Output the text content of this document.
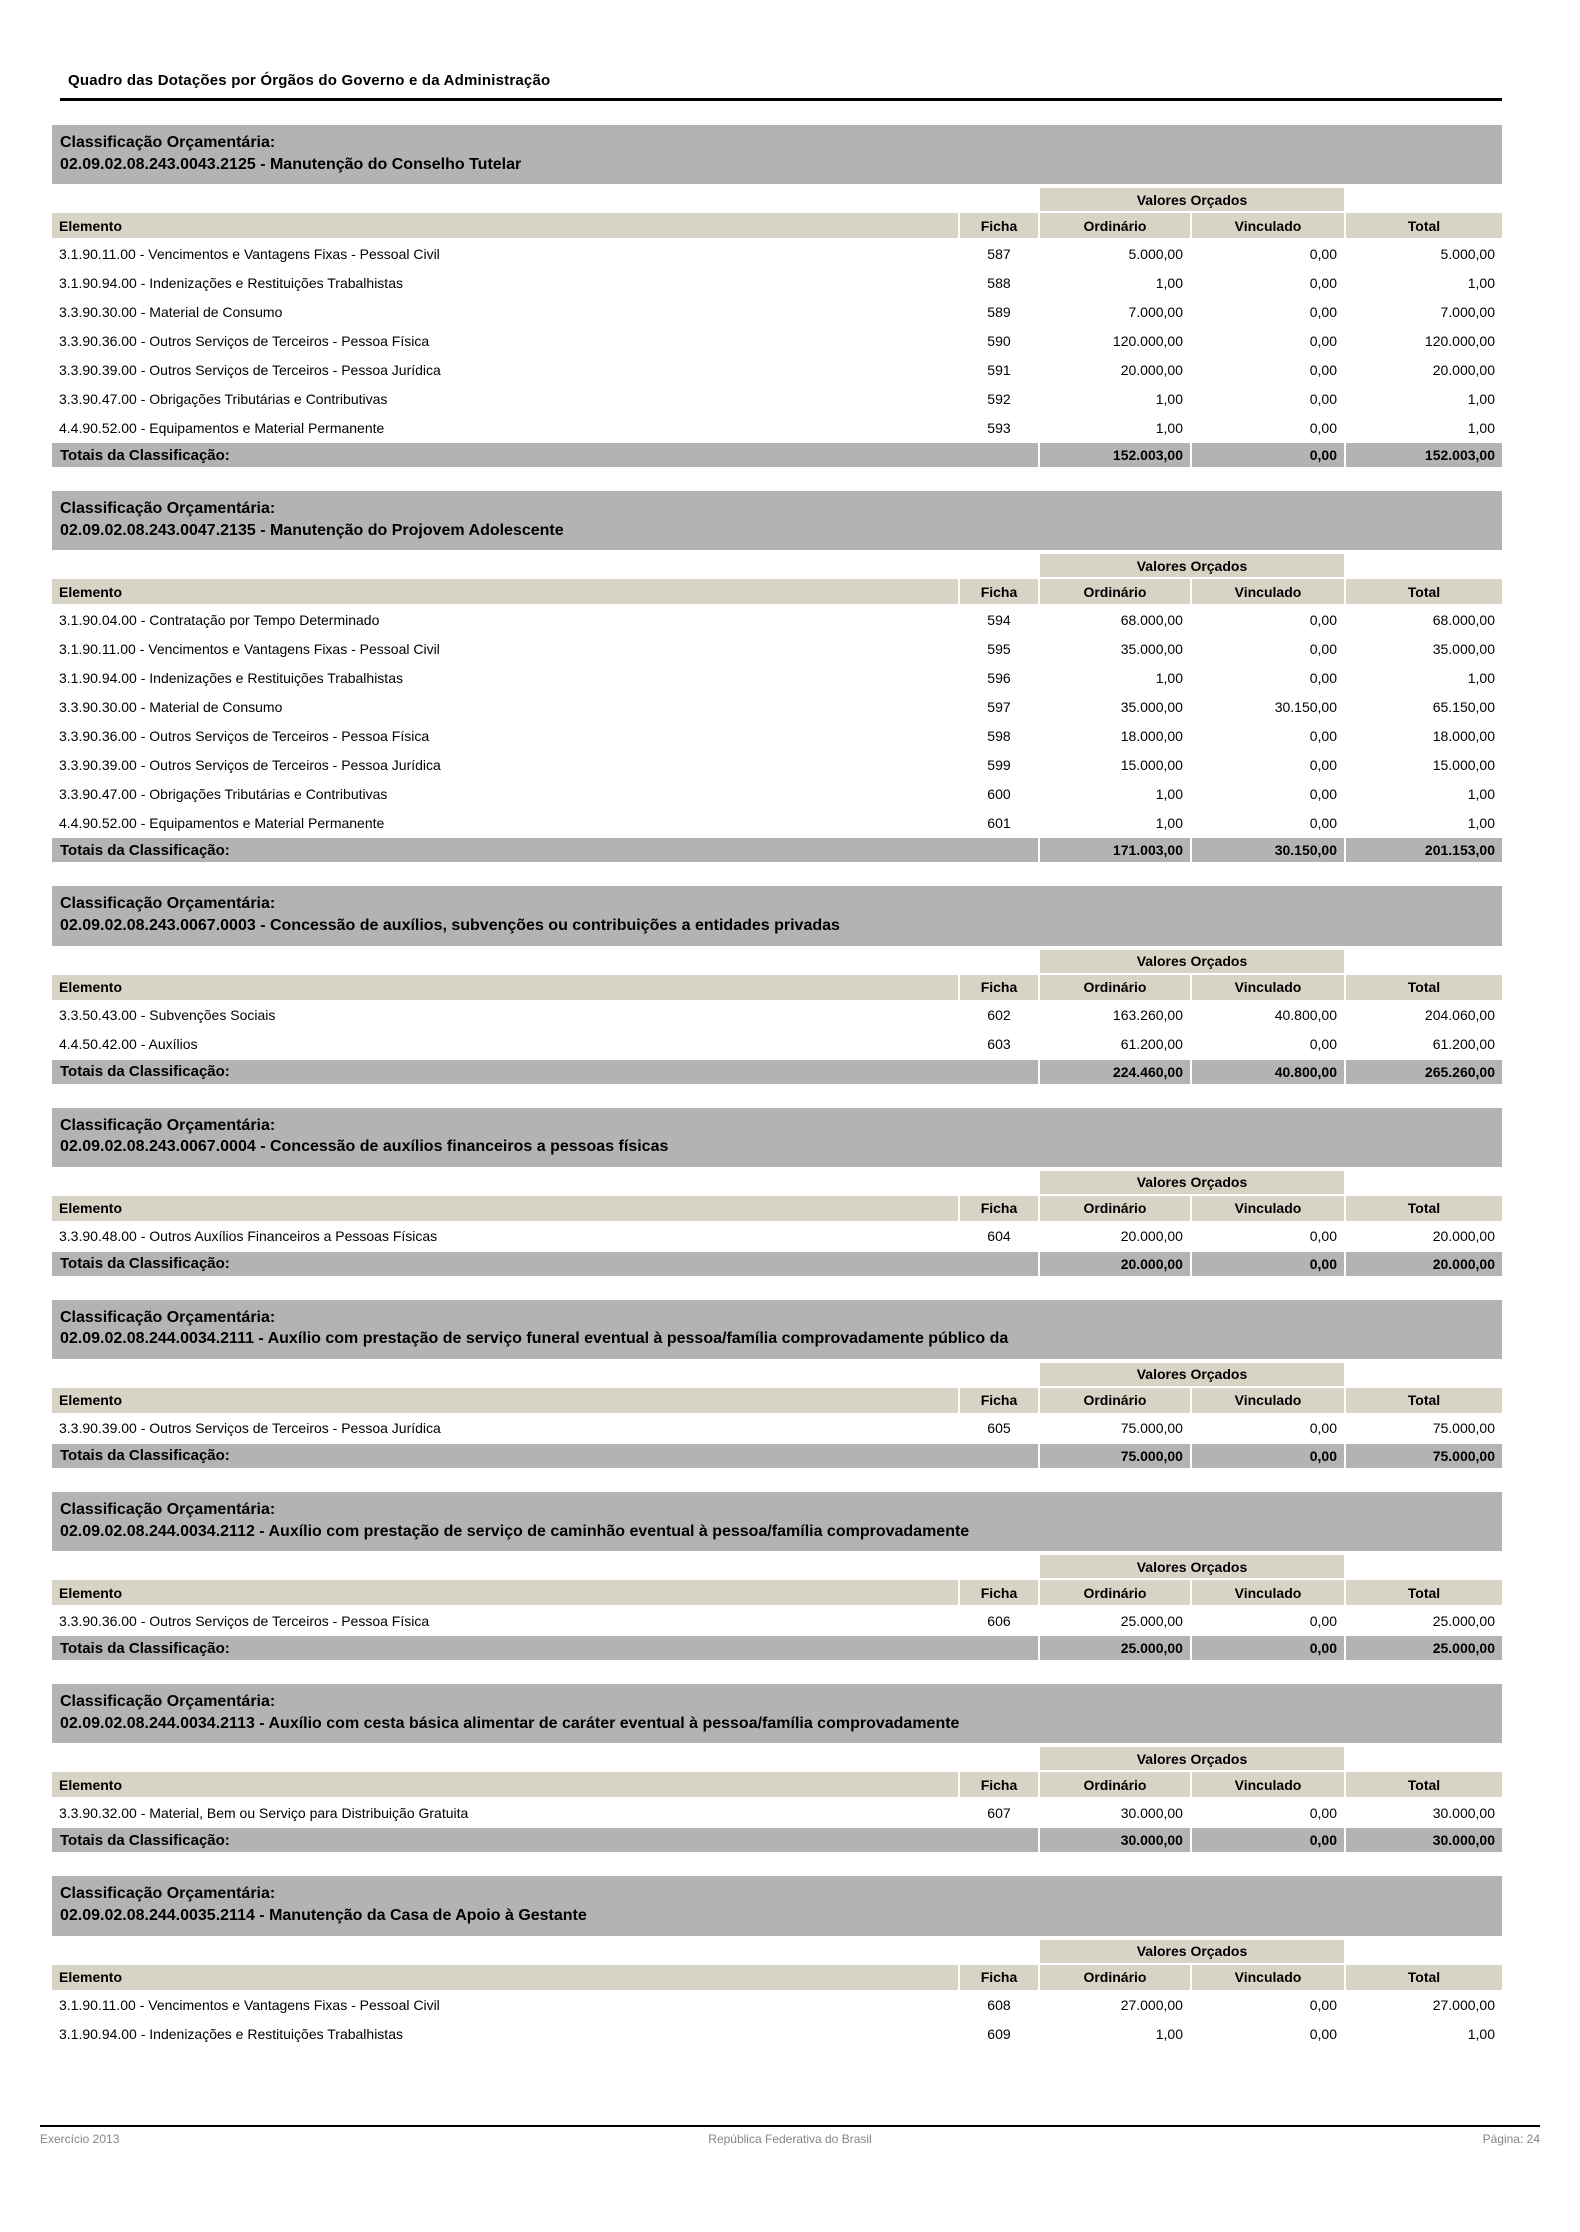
Quadro das Dotações por Órgãos do Governo e da Administração
Classificação Orçamentária:
02.09.02.08.243.0043.2125 - Manutenção do Conselho Tutelar
		Valores Orçados		
Elemento	Ficha	Ordinário	Vinculado	Total
3.1.90.11.00 - Vencimentos e Vantagens Fixas - Pessoal Civil	587	5.000,00	0,00	5.000,00
3.1.90.94.00 - Indenizações e Restituições Trabalhistas	588	1,00	0,00	1,00
3.3.90.30.00 - Material de Consumo	589	7.000,00	0,00	7.000,00
3.3.90.36.00 - Outros Serviços de Terceiros - Pessoa Física	590	120.000,00	0,00	120.000,00
3.3.90.39.00 - Outros Serviços de Terceiros - Pessoa Jurídica	591	20.000,00	0,00	20.000,00
3.3.90.47.00 - Obrigações Tributárias e Contributivas	592	1,00	0,00	1,00
4.4.90.52.00 - Equipamentos e Material Permanente	593	1,00	0,00	1,00
Totais da Classificação:		152.003,00	0,00	152.003,00
Classificação Orçamentária:
02.09.02.08.243.0047.2135 - Manutenção do Projovem Adolescente
		Valores Orçados		
Elemento	Ficha	Ordinário	Vinculado	Total
3.1.90.04.00 - Contratação por Tempo Determinado	594	68.000,00	0,00	68.000,00
3.1.90.11.00 - Vencimentos e Vantagens Fixas - Pessoal Civil	595	35.000,00	0,00	35.000,00
3.1.90.94.00 - Indenizações e Restituições Trabalhistas	596	1,00	0,00	1,00
3.3.90.30.00 - Material de Consumo	597	35.000,00	30.150,00	65.150,00
3.3.90.36.00 - Outros Serviços de Terceiros - Pessoa Física	598	18.000,00	0,00	18.000,00
3.3.90.39.00 - Outros Serviços de Terceiros - Pessoa Jurídica	599	15.000,00	0,00	15.000,00
3.3.90.47.00 - Obrigações Tributárias e Contributivas	600	1,00	0,00	1,00
4.4.90.52.00 - Equipamentos e Material Permanente	601	1,00	0,00	1,00
Totais da Classificação:		171.003,00	30.150,00	201.153,00
Classificação Orçamentária:
02.09.02.08.243.0067.0003 - Concessão de auxílios, subvenções ou contribuições a entidades privadas
		Valores Orçados		
Elemento	Ficha	Ordinário	Vinculado	Total
3.3.50.43.00 - Subvenções Sociais	602	163.260,00	40.800,00	204.060,00
4.4.50.42.00 - Auxílios	603	61.200,00	0,00	61.200,00
Totais da Classificação:		224.460,00	40.800,00	265.260,00
Classificação Orçamentária:
02.09.02.08.243.0067.0004 - Concessão de auxílios financeiros a pessoas físicas
		Valores Orçados		
Elemento	Ficha	Ordinário	Vinculado	Total
3.3.90.48.00 - Outros Auxílios Financeiros a Pessoas Físicas	604	20.000,00	0,00	20.000,00
Totais da Classificação:		20.000,00	0,00	20.000,00
Classificação Orçamentária:
02.09.02.08.244.0034.2111 - Auxílio com prestação de serviço funeral eventual à pessoa/família comprovadamente público da
		Valores Orçados		
Elemento	Ficha	Ordinário	Vinculado	Total
3.3.90.39.00 - Outros Serviços de Terceiros - Pessoa Jurídica	605	75.000,00	0,00	75.000,00
Totais da Classificação:		75.000,00	0,00	75.000,00
Classificação Orçamentária:
02.09.02.08.244.0034.2112 - Auxílio com prestação de serviço de caminhão eventual à pessoa/família comprovadamente
		Valores Orçados		
Elemento	Ficha	Ordinário	Vinculado	Total
3.3.90.36.00 - Outros Serviços de Terceiros - Pessoa Física	606	25.000,00	0,00	25.000,00
Totais da Classificação:		25.000,00	0,00	25.000,00
Classificação Orçamentária:
02.09.02.08.244.0034.2113 - Auxílio com cesta básica alimentar de caráter eventual à pessoa/família comprovadamente
		Valores Orçados		
Elemento	Ficha	Ordinário	Vinculado	Total
3.3.90.32.00 - Material, Bem ou Serviço para Distribuição Gratuita	607	30.000,00	0,00	30.000,00
Totais da Classificação:		30.000,00	0,00	30.000,00
Classificação Orçamentária:
02.09.02.08.244.0035.2114 - Manutenção da Casa de Apoio à Gestante
		Valores Orçados		
Elemento	Ficha	Ordinário	Vinculado	Total
3.1.90.11.00 - Vencimentos e Vantagens Fixas - Pessoal Civil	608	27.000,00	0,00	27.000,00
3.1.90.94.00 - Indenizações e Restituições Trabalhistas	609	1,00	0,00	1,00
Exercício 2013	República Federativa do Brasil	Página: 24
